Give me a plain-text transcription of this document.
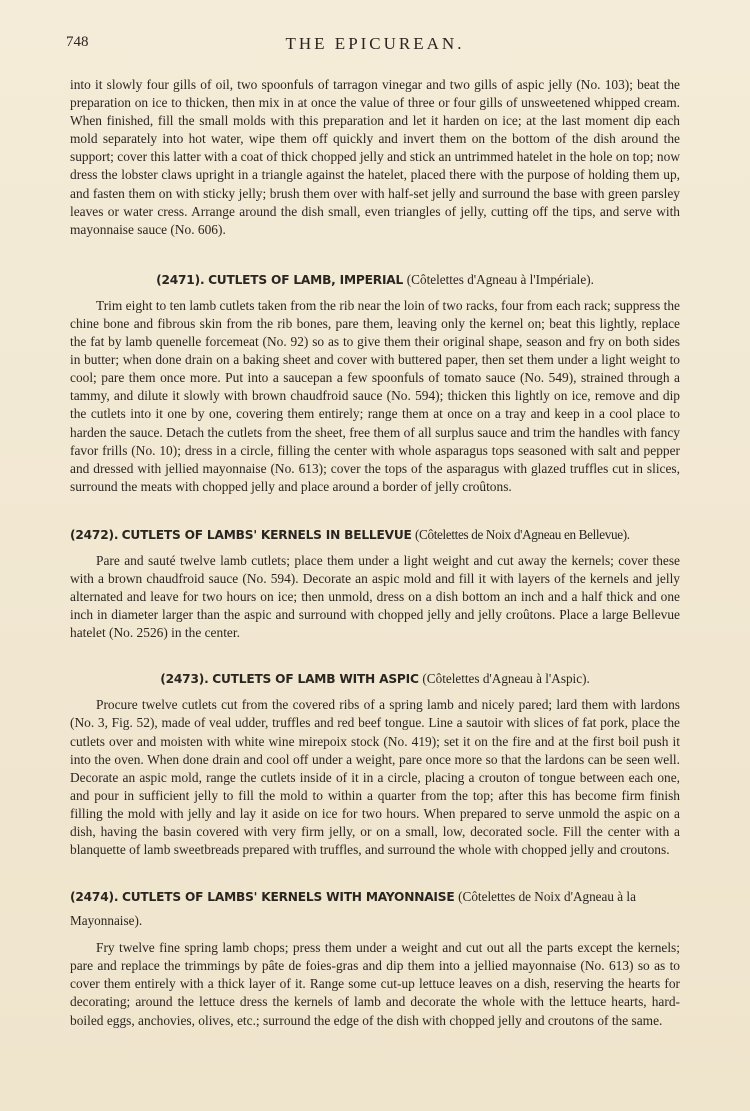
748	THE EPICUREAN.

into it slowly four gills of oil, two spoonfuls of tarragon vinegar and two gills of aspic jelly (No. 103); beat the preparation on ice to thicken, then mix in at once the value of three or four gills of unsweetened whipped cream. When finished, fill the small molds with this preparation and let it harden on ice; at the last moment dip each mold separately into hot water, wipe them off quickly and invert them on the bottom of the dish around the support; cover this latter with a coat of thick chopped jelly and stick an untrimmed hatelet in the hole on top; now dress the lobster claws upright in a triangle against the hatelet, placed there with the purpose of holding them up, and fasten them on with sticky jelly; brush them over with half-set jelly and surround the base with green parsley leaves or water cress. Arrange around the dish small, even triangles of jelly, cutting off the tips, and serve with mayonnaise sauce (No. 606).

(2471). CUTLETS OF LAMB, IMPERIAL (Côtelettes d'Agneau à l'Impériale).

Trim eight to ten lamb cutlets taken from the rib near the loin of two racks, four from each rack; suppress the chine bone and fibrous skin from the rib bones, pare them, leaving only the kernel on; beat this lightly, replace the fat by lamb quenelle forcemeat (No. 92) so as to give them their original shape, season and fry on both sides in butter; when done drain on a baking sheet and cover with buttered paper, then set them under a light weight to cool; pare them once more. Put into a saucepan a few spoonfuls of tomato sauce (No. 549), strained through a tammy, and dilute it slowly with brown chaudfroid sauce (No. 594); thicken this lightly on ice, remove and dip the cutlets into it one by one, covering them entirely; range them at once on a tray and keep in a cool place to harden the sauce. Detach the cutlets from the sheet, free them of all surplus sauce and trim the handles with fancy favor frills (No. 10); dress in a circle, filling the center with whole asparagus tops seasoned with salt and pepper and dressed with jellied mayonnaise (No. 613); cover the tops of the asparagus with glazed truffles cut in slices, surround the meats with chopped jelly and place around a border of jelly croûtons.

(2472). CUTLETS OF LAMBS' KERNELS IN BELLEVUE (Côtelettes de Noix d'Agneau en Bellevue).

Pare and sauté twelve lamb cutlets; place them under a light weight and cut away the kernels; cover these with a brown chaudfroid sauce (No. 594). Decorate an aspic mold and fill it with layers of the kernels and jelly alternated and leave for two hours on ice; then unmold, dress on a dish bottom an inch and a half thick and one inch in diameter larger than the aspic and surround with chopped jelly and jelly croûtons. Place a large Bellevue hatelet (No. 2526) in the center.

(2473). CUTLETS OF LAMB WITH ASPIC (Côtelettes d'Agneau à l'Aspic).

Procure twelve cutlets cut from the covered ribs of a spring lamb and nicely pared; lard them with lardons (No. 3, Fig. 52), made of veal udder, truffles and red beef tongue. Line a sautoir with slices of fat pork, place the cutlets over and moisten with white wine mirepoix stock (No. 419); set it on the fire and at the first boil push it into the oven. When done drain and cool off under a weight, pare once more so that the lardons can be seen well. Decorate an aspic mold, range the cutlets inside of it in a circle, placing a crouton of tongue between each one, and pour in sufficient jelly to fill the mold to within a quarter from the top; after this has become firm finish filling the mold with jelly and lay it aside on ice for two hours. When prepared to serve unmold the aspic on a dish, having the basin covered with very firm jelly, or on a small, low, decorated socle. Fill the center with a blanquette of lamb sweetbreads prepared with truffles, and surround the whole with chopped jelly and croutons.

(2474). CUTLETS OF LAMBS' KERNELS WITH MAYONNAISE (Côtelettes de Noix d'Agneau à la Mayonnaise).

Fry twelve fine spring lamb chops; press them under a weight and cut out all the parts except the kernels; pare and replace the trimmings by pâte de foies-gras and dip them into a jellied mayonnaise (No. 613) so as to cover them entirely with a thick layer of it. Range some cut-up lettuce leaves on a dish, reserving the hearts for decorating; around the lettuce dress the kernels of lamb and decorate the whole with the lettuce hearts, hard-boiled eggs, anchovies, olives, etc.; surround the edge of the dish with chopped jelly and croutons of the same.
